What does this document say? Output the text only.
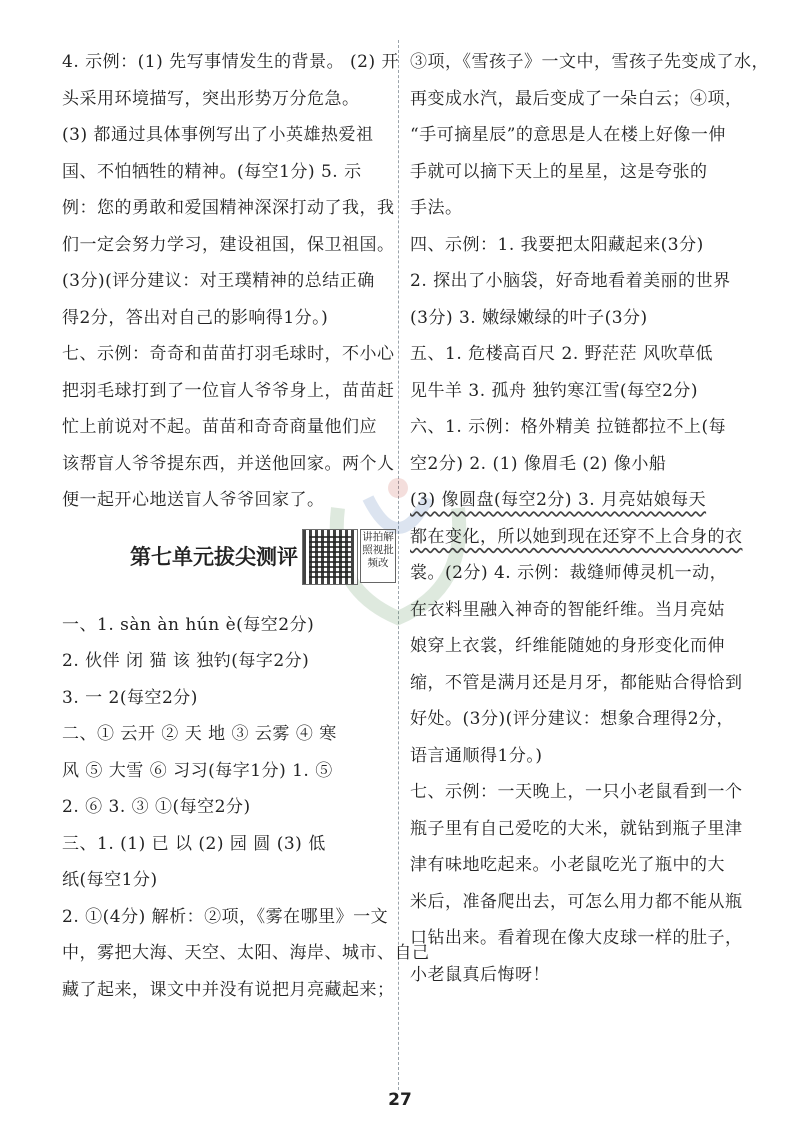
4. 示例：(1) 先写事情发生的背景。 (2) 开
头采用环境描写，突出形势万分危急。
(3) 都通过具体事例写出了小英雄热爱祖
国、不怕牺牲的精神。(每空1分) 5. 示
例：您的勇敢和爱国精神深深打动了我，我
们一定会努力学习，建设祖国，保卫祖国。
(3分)(评分建议：对王璞精神的总结正确
得2分，答出对自己的影响得1分。)
七、示例：奇奇和苗苗打羽毛球时，不小心
把羽毛球打到了一位盲人爷爷身上，苗苗赶
忙上前说对不起。苗苗和奇奇商量他们应
该帮盲人爷爷提东西，并送他回家。两个人
便一起开心地送盲人爷爷回家了。
第七单元拔尖测评
讲拍解照视批频改
一、1. sàn àn hún è(每空2分)
2. 伙伴 闭 猫 该 独钓(每字2分)
3. 一 2(每空2分)
二、① 云开 ② 天 地 ③ 云雾 ④ 寒
风 ⑤ 大雪 ⑥ 习习(每字1分) 1. ⑤
2. ⑥ 3. ③ ①(每空2分)
三、1. (1) 已 以 (2) 园 圆 (3) 低
纸(每空1分)
2. ①(4分) 解析：②项，《雾在哪里》一文
中，雾把大海、天空、太阳、海岸、城市、自己
藏了起来，课文中并没有说把月亮藏起来；
③项，《雪孩子》一文中，雪孩子先变成了水，
再变成水汽，最后变成了一朵白云；④项，
“手可摘星辰”的意思是人在楼上好像一伸
手就可以摘下天上的星星，这是夸张的
手法。
四、示例：1. 我要把太阳藏起来(3分)
2. 探出了小脑袋，好奇地看着美丽的世界
(3分) 3. 嫩绿嫩绿的叶子(3分)
五、1. 危楼高百尺 2. 野茫茫 风吹草低
见牛羊 3. 孤舟 独钓寒江雪(每空2分)
六、1. 示例：格外精美 拉链都拉不上(每
空2分) 2. (1) 像眉毛 (2) 像小船
(3) 像圆盘(每空2分) 3. 月亮姑娘每天
都在变化，所以她到现在还穿不上合身的衣
裳。(2分) 4. 示例：裁缝师傅灵机一动，
在衣料里融入神奇的智能纤维。当月亮姑
娘穿上衣裳，纤维能随她的身形变化而伸
缩，不管是满月还是月牙，都能贴合得恰到
好处。(3分)(评分建议：想象合理得2分，
语言通顺得1分。)
七、示例：一天晚上，一只小老鼠看到一个
瓶子里有自己爱吃的大米，就钻到瓶子里津
津有味地吃起来。小老鼠吃光了瓶中的大
米后，准备爬出去，可怎么用力都不能从瓶
口钻出来。看着现在像大皮球一样的肚子，
小老鼠真后悔呀！
27
